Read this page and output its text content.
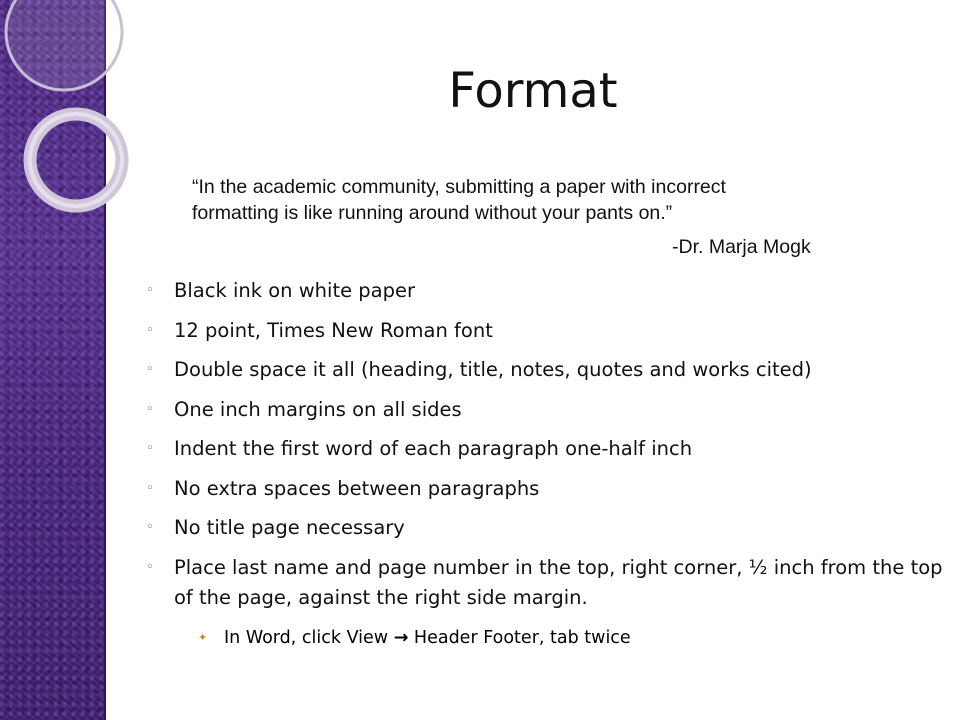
Format

“In the academic community, submitting a paper with incorrect

formatting is like running around without your pants on.”

-Dr. Marja Mogk
◦ Black ink on white paper
◦ 12 point, Times New Roman font
◦ Double space it all (heading, title, notes, quotes and works cited)
◦ One inch margins on all sides
◦ Indent the first word of each paragraph one-half inch
◦ No extra spaces between paragraphs
◦ No title page necessary
◦ Place last name and page number in the top, right corner, ½ inch from the top of the page, against the right side margin.
✦ In Word, click View → Header Footer, tab twice
